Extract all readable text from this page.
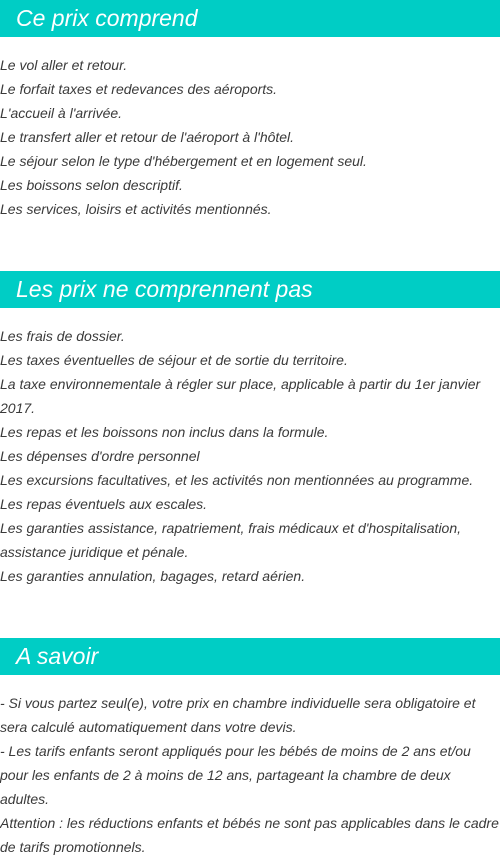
Ce prix comprend

Le vol aller et retour.

Le forfait taxes et redevances des aéroports.

L'accueil à l'arrivée.

Le transfert aller et retour de l'aéroport à l'hôtel.

Le séjour selon le type d'hébergement et en logement seul.

Les boissons selon descriptif.

Les services, loisirs et activités mentionnés.

Les prix ne comprennent pas

Les frais de dossier.

Les taxes éventuelles de séjour et de sortie du territoire.

La taxe environnementale à régler sur place, applicable à partir du 1er janvier 2017.

Les repas et les boissons non inclus dans la formule.

Les dépenses d'ordre personnel

Les excursions facultatives, et les activités non mentionnées au programme.

Les repas éventuels aux escales.

Les garanties assistance, rapatriement, frais médicaux et d'hospitalisation, assistance juridique et pénale.

Les garanties annulation, bagages, retard aérien.

A savoir

- Si vous partez seul(e), votre prix en chambre individuelle sera obligatoire et sera calculé automatiquement dans votre devis.

- Les tarifs enfants seront appliqués pour les bébés de moins de 2 ans et/ou pour les enfants de 2 à moins de 12 ans, partageant la chambre de deux adultes.

Attention : les réductions enfants et bébés ne sont pas applicables dans le cadre de tarifs promotionnels.
